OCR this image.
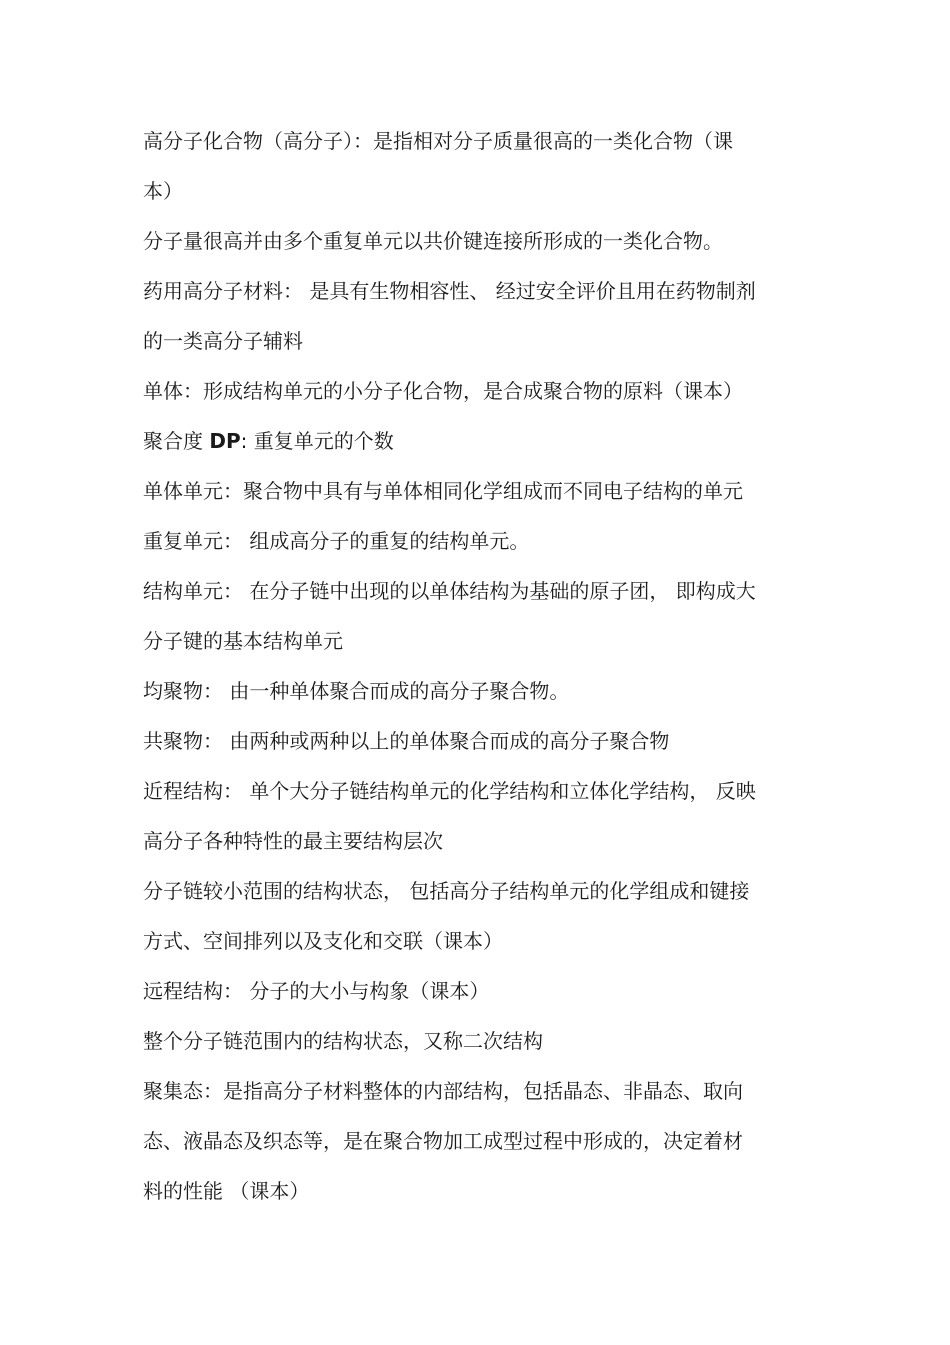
高分子化合物（高分子）：是指相对分子质量很高的一类化合物（课
本）
分子量很高并由多个重复单元以共价键连接所形成的一类化合物。
药用高分子材料： 是具有生物相容性、 经过安全评价且用在药物制剂
的一类高分子辅料
单体：形成结构单元的小分子化合物，是合成聚合物的原料（课本）
聚合度 DP: 重复单元的个数
单体单元：聚合物中具有与单体相同化学组成而不同电子结构的单元
重复单元： 组成高分子的重复的结构单元。
结构单元： 在分子链中出现的以单体结构为基础的原子团， 即构成大
分子键的基本结构单元
均聚物： 由一种单体聚合而成的高分子聚合物。
共聚物： 由两种或两种以上的单体聚合而成的高分子聚合物
近程结构： 单个大分子链结构单元的化学结构和立体化学结构， 反映
高分子各种特性的最主要结构层次
分子链较小范围的结构状态， 包括高分子结构单元的化学组成和键接
方式、空间排列以及支化和交联（课本）
远程结构： 分子的大小与构象（课本）
整个分子链范围内的结构状态，又称二次结构
聚集态：是指高分子材料整体的内部结构，包括晶态、非晶态、取向
态、液晶态及织态等，是在聚合物加工成型过程中形成的，决定着材
料的性能 （课本）
